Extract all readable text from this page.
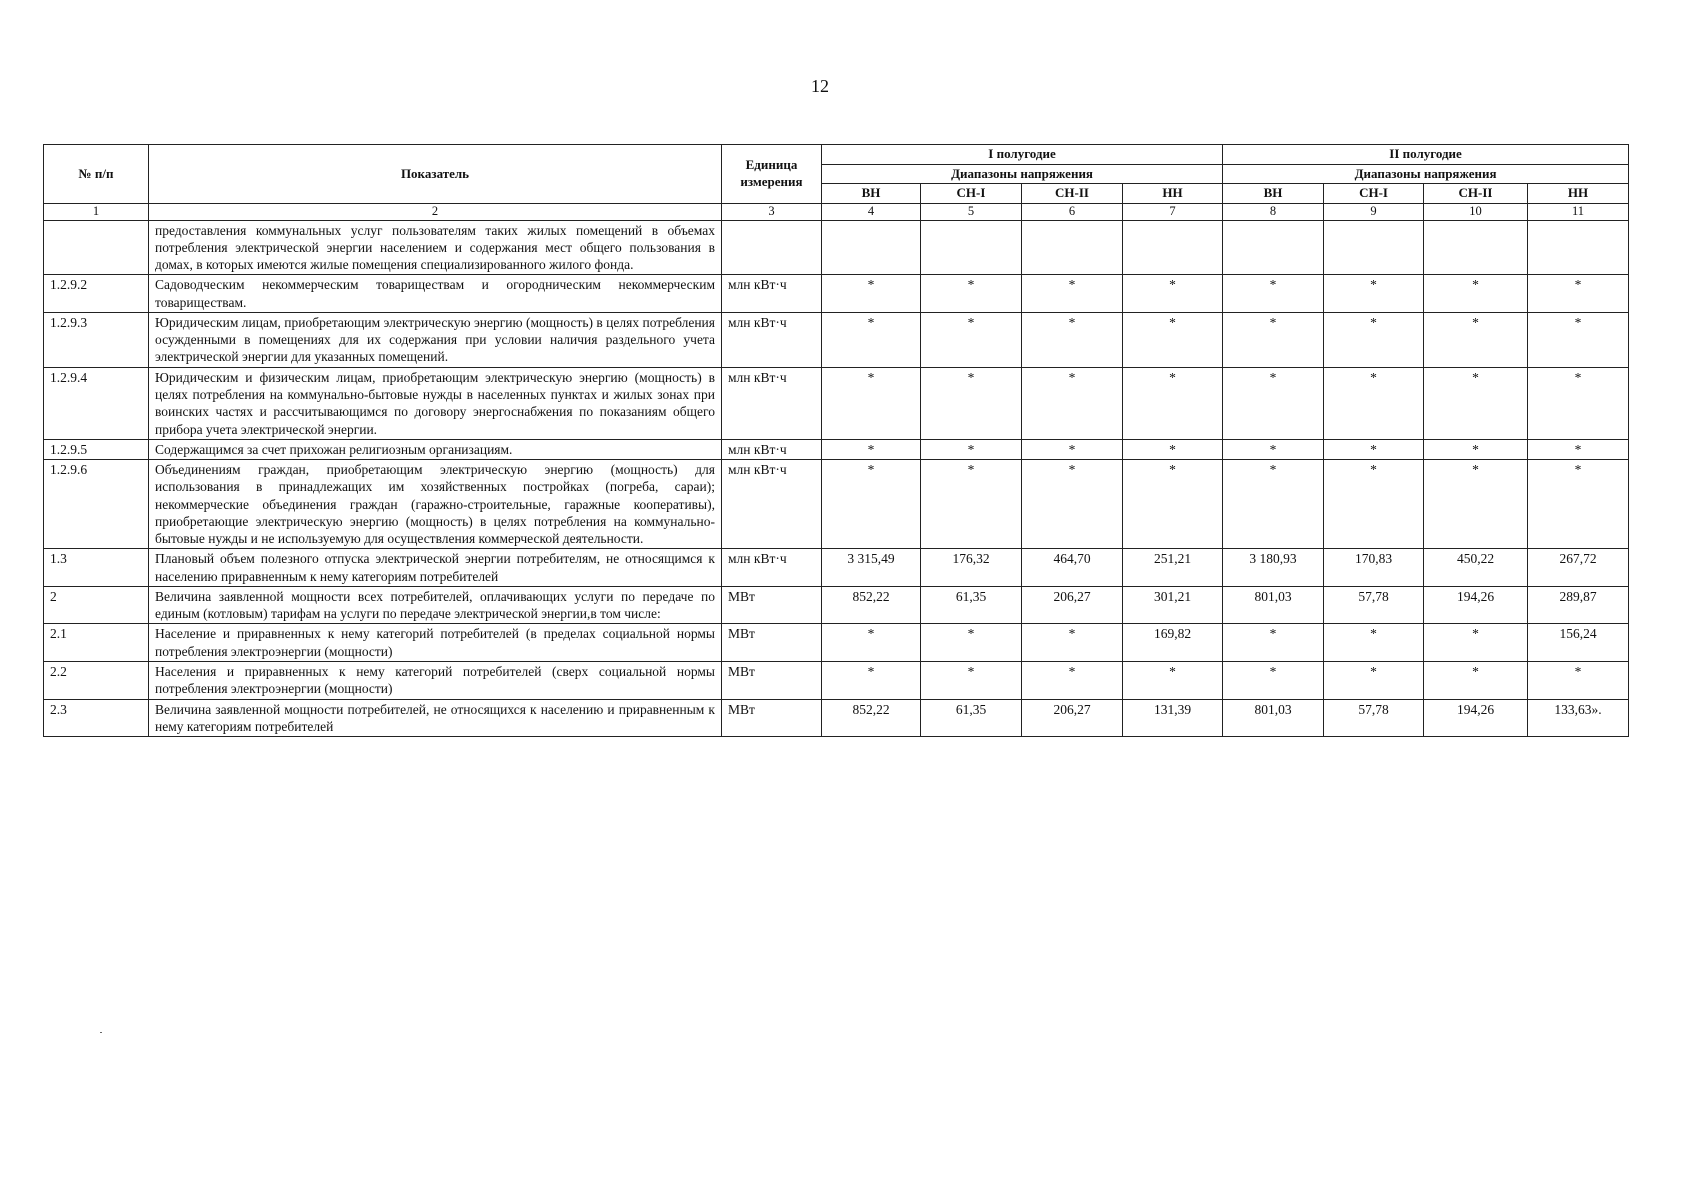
12
№ п/п	Показатель	Единица измерения	I полугодие				II полугодие			
			Диапазоны напряжения				Диапазоны напряжения			
			ВН	СН-I	СН-II	НН	ВН	СН-I	СН-II	НН
1	2	3	4	5	6	7	8	9	10	11
	предоставления коммунальных услуг пользователям таких жилых помещений в объемах потребления электрической энергии населением и содержания мест общего пользования в домах, в которых имеются жилые помещения специализированного жилого фонда.									
1.2.9.2	Садоводческим некоммерческим товариществам и огородническим некоммерческим товариществам.	млн кВт·ч	*	*	*	*	*	*	*	*
1.2.9.3	Юридическим лицам, приобретающим электрическую энергию (мощность) в целях потребления осужденными в помещениях для их содержания при условии наличия раздельного учета электрической энергии для указанных помещений.	млн кВт·ч	*	*	*	*	*	*	*	*
1.2.9.4	Юридическим и физическим лицам, приобретающим электрическую энергию (мощность) в целях потребления на коммунально-бытовые нужды в населенных пунктах и жилых зонах при воинских частях и рассчитывающимся по договору энергоснабжения по показаниям общего прибора учета электрической энергии.	млн кВт·ч	*	*	*	*	*	*	*	*
1.2.9.5	Содержащимся за счет прихожан религиозным организациям.	млн кВт·ч	*	*	*	*	*	*	*	*
1.2.9.6	Объединениям граждан, приобретающим электрическую энергию (мощность) для использования в принадлежащих им хозяйственных постройках (погреба, сараи); некоммерческие объединения граждан (гаражно-строительные, гаражные кооперативы), приобретающие электрическую энергию (мощность) в целях потребления на коммунально-бытовые нужды и не используемую для осуществления коммерческой деятельности.	млн кВт·ч	*	*	*	*	*	*	*	*
1.3	Плановый объем полезного отпуска электрической энергии потребителям, не относящимся к населению приравненным к нему категориям потребителей	млн кВт·ч	3 315,49	176,32	464,70	251,21	3 180,93	170,83	450,22	267,72
2	Величина заявленной мощности всех потребителей, оплачивающих услуги по передаче по единым (котловым) тарифам на услуги по передаче электрической энергии,в том числе:	МВт	852,22	61,35	206,27	301,21	801,03	57,78	194,26	289,87
2.1	Население и приравненных к нему категорий потребителей (в пределах социальной нормы потребления электроэнергии (мощности)	МВт	*	*	*	169,82	*	*	*	156,24
2.2	Населения и приравненных к нему категорий потребителей (сверх социальной нормы потребления электроэнергии (мощности)	МВт	*	*	*	*	*	*	*	*
2.3	Величина заявленной мощности потребителей, не относящихся к населению и приравненным к нему категориям потребителей	МВт	852,22	61,35	206,27	131,39	801,03	57,78	194,26	133,63».
